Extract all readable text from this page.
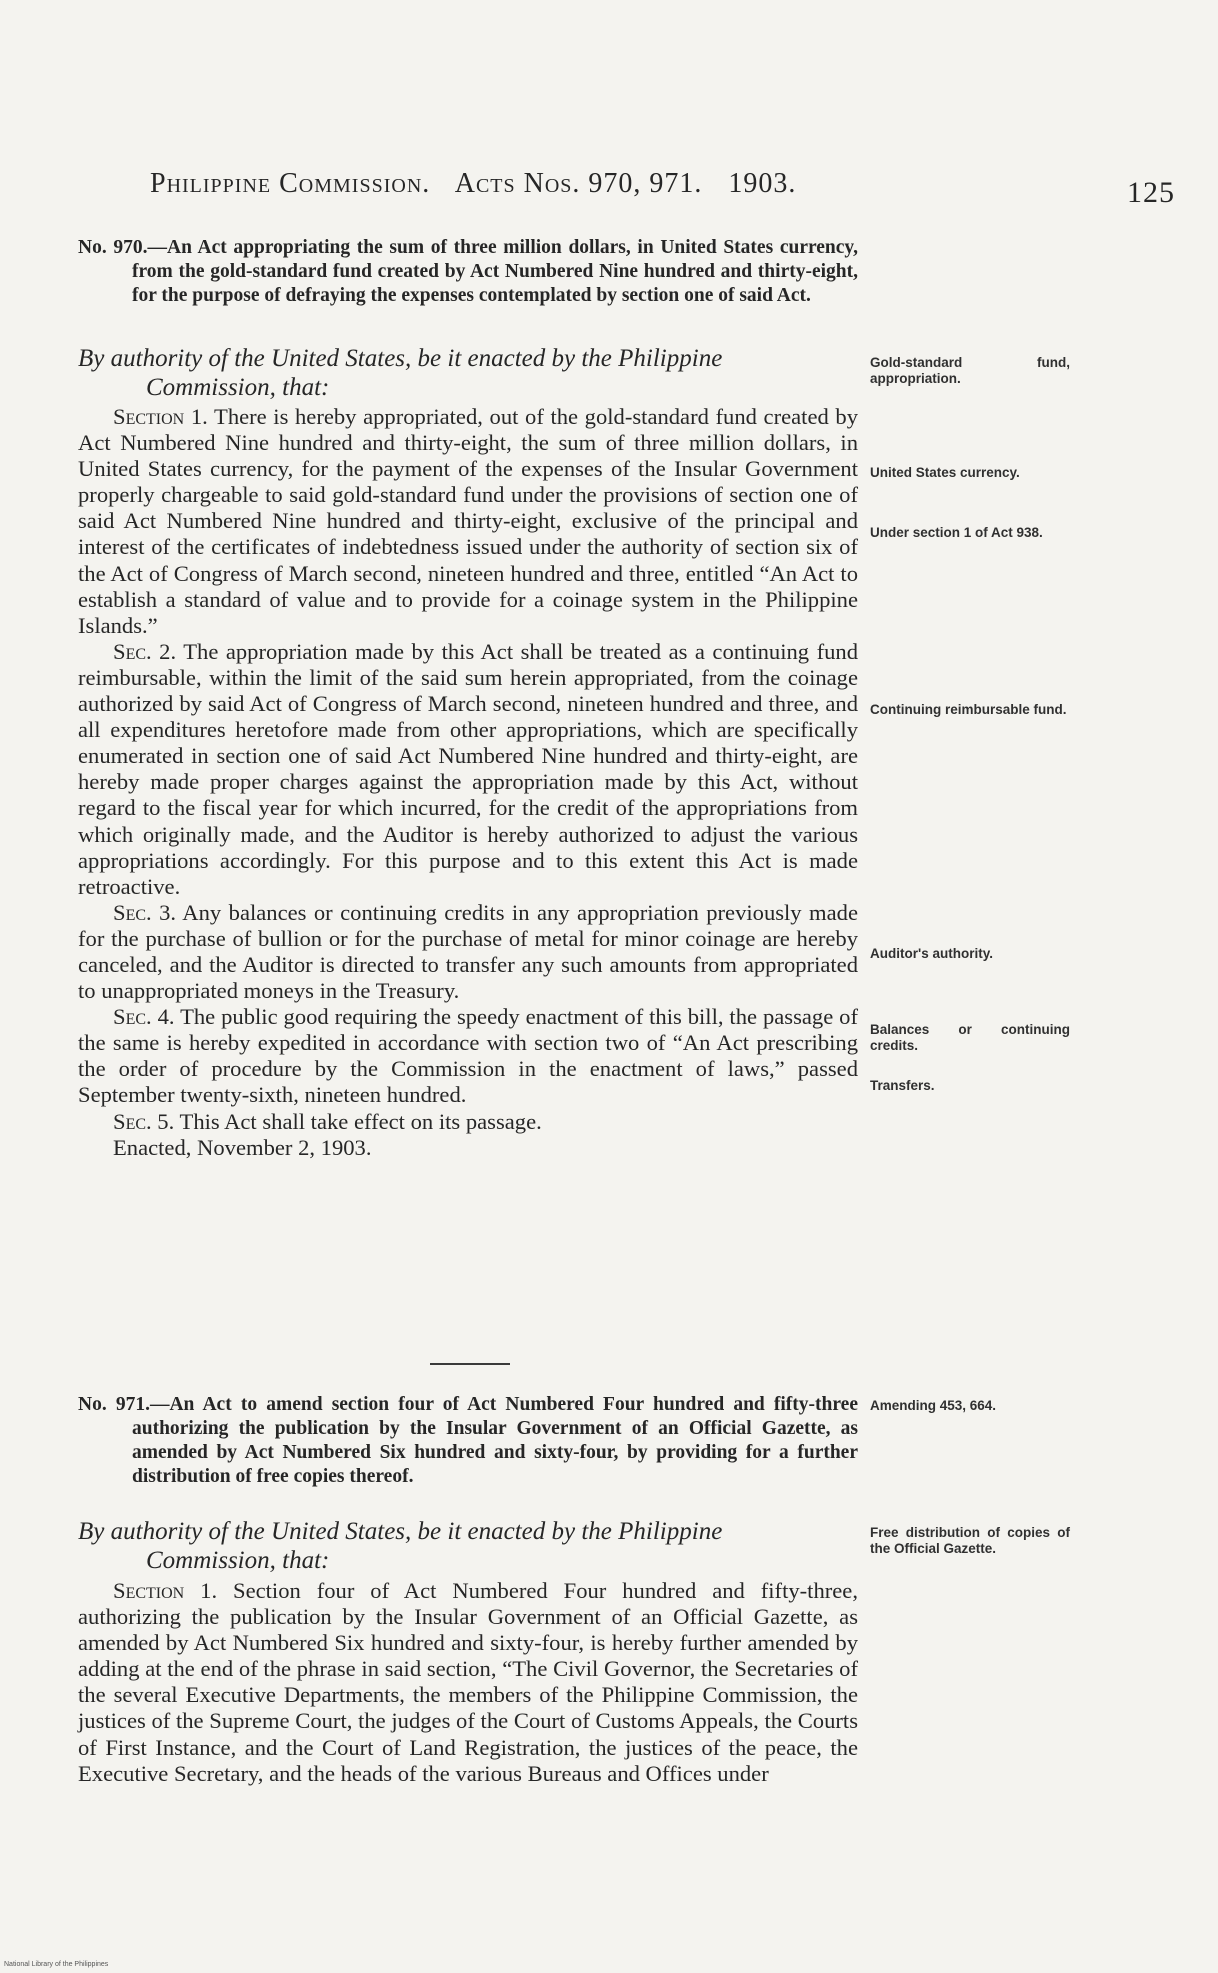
Philippine Commission. Acts Nos. 970, 971. 1903.	125
No. 970.—An Act appropriating the sum of three million dollars, in United States currency, from the gold-standard fund created by Act Numbered Nine hundred and thirty-eight, for the purpose of defraying the expenses contemplated by section one of said Act.
By authority of the United States, be it enacted by the Philippine
Commission, that:

Section 1. There is hereby appropriated, out of the gold-standard fund created by Act Numbered Nine hundred and thirty-eight, the sum of three million dollars, in United States currency, for the payment of the expenses of the Insular Government properly chargeable to said gold-standard fund under the provisions of section one of said Act Numbered Nine hundred and thirty-eight, exclusive of the principal and interest of the certificates of indebtedness issued under the authority of section six of the Act of Congress of March second, nineteen hundred and three, entitled “An Act to establish a standard of value and to provide for a coinage system in the Philippine Islands.”

Sec. 2. The appropriation made by this Act shall be treated as a continuing fund reimbursable, within the limit of the said sum herein appropriated, from the coinage authorized by said Act of Congress of March second, nineteen hundred and three, and all expenditures heretofore made from other appropriations, which are specifically enumerated in section one of said Act Numbered Nine hundred and thirty-eight, are hereby made proper charges against the appropriation made by this Act, without regard to the fiscal year for which incurred, for the credit of the appropriations from which originally made, and the Auditor is hereby authorized to adjust the various appropriations accordingly. For this purpose and to this extent this Act is made retroactive.

Sec. 3. Any balances or continuing credits in any appropriation previously made for the purchase of bullion or for the purchase of metal for minor coinage are hereby canceled, and the Auditor is directed to transfer any such amounts from appropriated to unappropriated moneys in the Treasury.

Sec. 4. The public good requiring the speedy enactment of this bill, the passage of the same is hereby expedited in accordance with section two of “An Act prescribing the order of procedure by the Commission in the enactment of laws,” passed September twenty-sixth, nineteen hundred.

Sec. 5. This Act shall take effect on its passage.

Enacted, November 2, 1903.

No. 971.—An Act to amend section four of Act Numbered Four hundred and fifty-three authorizing the publication by the Insular Government of an Official Gazette, as amended by Act Numbered Six hundred and sixty-four, by providing for a further distribution of free copies thereof.
By authority of the United States, be it enacted by the Philippine
Commission, that:

Section 1. Section four of Act Numbered Four hundred and fifty-three, authorizing the publication by the Insular Government of an Official Gazette, as amended by Act Numbered Six hundred and sixty-four, is hereby further amended by adding at the end of the phrase in said section, “The Civil Governor, the Secretaries of the several Executive Departments, the members of the Philippine Commission, the justices of the Supreme Court, the judges of the Court of Customs Appeals, the Courts of First Instance, and the Court of Land Registration, the justices of the peace, the Executive Secretary, and the heads of the various Bureaus and Offices under

Gold-standard fund, appropriation.
United States currency.
Under section 1 of Act 938.
Continuing reimbursable fund.
Auditor's authority.
Balances or continuing credits.
Transfers.
Amending 453, 664.
Free distribution of copies of the Official Gazette.
National Library of the Philippines
